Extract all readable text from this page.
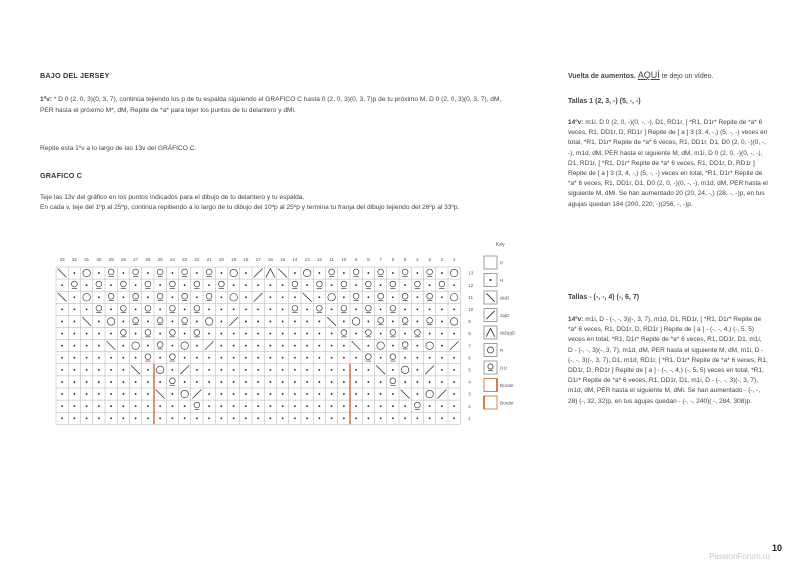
33 32 31 30 29 28 27 26 25 24 23 22 21 20 19 18 17 16 15 14 13 12 11 10 9 8 7 6 5 4 3 2 1
13
12
11
10
9
8
7
6
5
4
3
2
1
Key
P
H
dsiD
2pjD
dsDpjD
R
D1r
Border
Border
BAJO DEL JERSEY

1ºv: * D 0 (2, 0, 3)(0, 3, 7), continúa tejiendo los p de tu espalda siguiendo el GRAFICO C hasta 0 (2, 0, 3)(0, 3, 7)p de tu próximo M, D 0 (2, 0, 3)(0, 3, 7), dM, PER hasta el próximo M*, dM, Repite de *a* para tejer los puntos de tu delantero y dMi.

Repite esta 1ºv a lo largo de las 13v del GRÁFICO C.

GRAFICO C

Teje las 13v del gráfico en los puntos indicados para el dibujo de tu delantero y tu espalda.

En cada v, teje del 1ºp al 25ºp, continúa repitiendo a lo largo de tu dibujo del 10ºp al 25ºp y termina tu franja del dibujo tejiendo del 26ºp al 33ºp.

Vuelta de aumentos. AQUÍ te dejo un vídeo.

Tallas 1 (2, 3, -) (5, -, -)

14ºv: m1i, D 0 (2, 0, -)(0, -, -), D1, RD1r, [ *R1, D1r* Repite de *a* 6 veces, R1, DD1r, D, RD1r ] Repite de [ a ] 3 (3, 4, -,) (5, -, -) veces en total, *R1, D1r* Repite de *a* 6 veces, R1, DD1r, D1, D0 (2, 0, -)(0, -, -), m1d, dM, PER hasta el siguiente M, dM, m1i, D 0 (2, 0, -)(0, -, -), D1, RD1r, [ *R1, D1r* Repite de *a* 6 veces, R1, DD1r, D, RD1r ] Repite de [ a ] 3 (3, 4, -,) (5, -, -) veces en total, *R1, D1r* Repite de *a* 6 veces, R1, DD1r, D1, D0 (2, 0, -)(0, -, -), m1d, dM, PER hasta el siguiente M, dMi. Se han aumentado 20 (20, 24, -,) (28, -, -)p, en tus agujas quedan 184 (200, 220, -)(256, -, -)p.

Tallas - (-, -, 4) (-, 6, 7)

14ºv: m1i, D - (-, -, 3)(-, 3, 7), m1d, D1, RD1r, [ *R1, D1r* Repite de *a* 6 veces, R1, DD1r, D, RD1r ] Repite de [ a ] - (-, -, 4,) (-, 5, 5) veces en total, *R1, D1r* Repite de *a* 6 veces, R1, DD1r, D1, m1i, D - (-, -, 3)(-, 3, 7), m1d, dM, PER hasta el siguiente M, dM, m1i, D - (-, -, 3)(-, 3, 7), D1, m1d, RD1r, [ *R1, D1r* Repite de *a* 6 veces, R1, DD1r, D, RD1r ] Repite de [ a ] - (-, -, 4,) (-, 5, 5) veces en total, *R1, D1r* Repite de *a* 6 veces, R1, DD1r, D1, m1i, D - (-, -, 3)(-, 3, 7), m1d, dM, PER hasta el siguiente M, dMi. Se han aumentado - (-, -, 28) (-, 32, 32)p, en tus agujas quedan - (-, -, 240)( -, 284, 308)p.

10
PassionForum.ru
